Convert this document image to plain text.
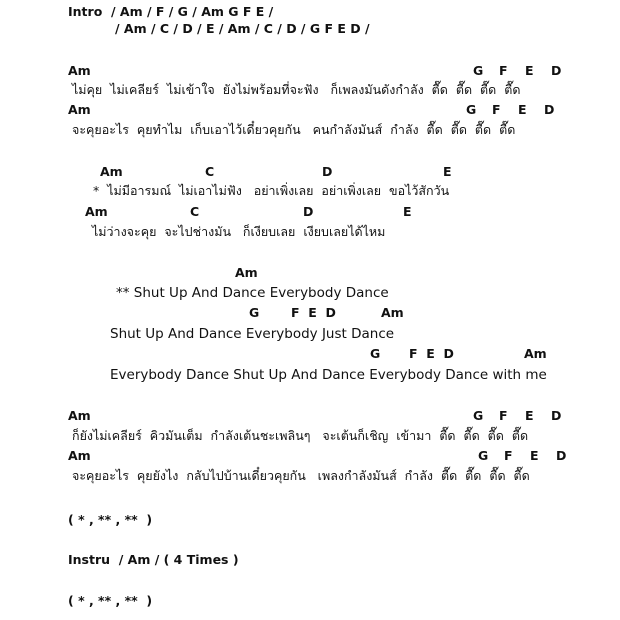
Intro  / Am / F / G / Am G F E /
/ Am / C / D / E / Am / C / D / G F E D /
Am	G F E D
ไม่คุย  ไม่เคลียร์  ไม่เข้าใจ  ยังไม่พร้อมที่จะฟัง   ก็เพลงมันดังกำลัง  ตื๊ด  ตื๊ด  ตื๊ด  ตื๊ด
Am	G F E D
จะคุยอะไร  คุยทำไม  เก็บเอาไว้เดี๋ยวคุยกัน   คนกำลังมันส์  กำลัง  ตื๊ด  ตื๊ด  ตื๊ด  ตื๊ด
Am	C	D	E
*  ไม่มีอารมณ์  ไม่เอาไม่ฟัง   อย่าเพิ่งเลย  อย่าเพิ่งเลย  ขอไว้สักวัน
Am	C	D	E
ไม่ว่างจะคุย  จะไปช่างมัน   ก็เงียบเลย  เงียบเลยได้ไหม
Am
** Shut Up And Dance Everybody Dance
G	F  E  D	Am
Shut Up And Dance Everybody Just Dance
G F  E  D	Am
Everybody Dance Shut Up And Dance Everybody Dance with me
Am	G F E D
ก็ยังไม่เคลียร์  คิวมันเต็ม  กำลังเต้นชะเพลินๆ   จะเต้นก็เชิญ  เข้ามา  ตื๊ด  ตื๊ด  ตื๊ด  ตื๊ด
Am	G F E D
จะคุยอะไร  คุยยังไง  กลับไปบ้านเดี๋ยวคุยกัน   เพลงกำลังมันส์  กำลัง  ตื๊ด  ตื๊ด  ตื๊ด  ตื๊ด
( * , ** , **  )
Instru  / Am / ( 4 Times )
( * , ** , **  )
